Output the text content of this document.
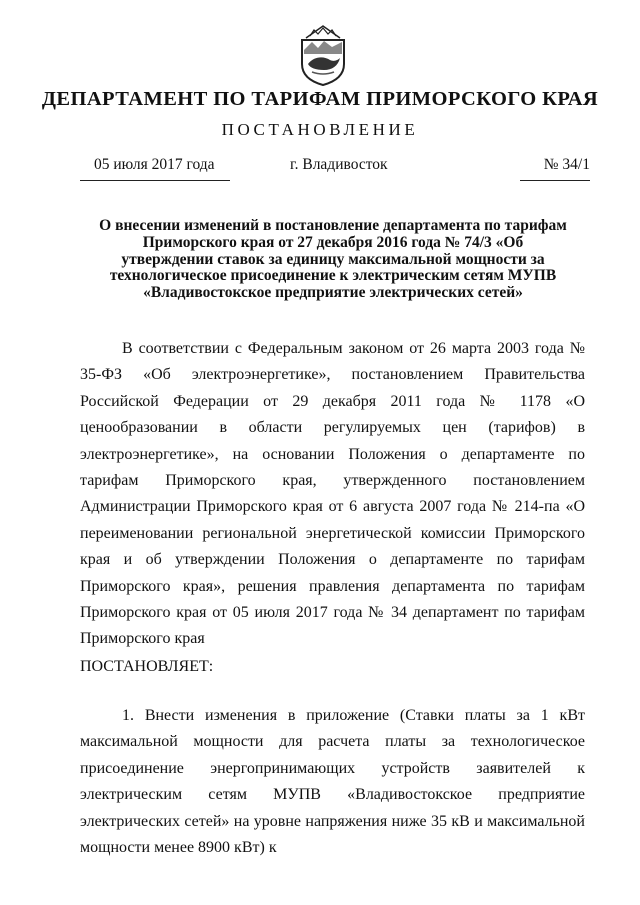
ДЕПАРТАМЕНТ ПО ТАРИФАМ ПРИМОРСКОГО КРАЯ
ПОСТАНОВЛЕНИЕ
05 июля 2017 года	г. Владивосток	№ 34/1
О внесении изменений в постановление департамента по тарифам Приморского края от 27 декабря 2016 года № 74/3 «Об утверждении ставок за единицу максимальной мощности за технологическое присоединение к электрическим сетям МУПВ «Владивостокское предприятие электрических сетей»
В соответствии с Федеральным законом от 26 марта 2003 года № 35-ФЗ «Об электроэнергетике», постановлением Правительства Российской Федерации от 29 декабря 2011 года № 1178 «О ценообразовании в области регулируемых цен (тарифов) в электроэнергетике», на основании Положения о департаменте по тарифам Приморского края, утвержденного постановлением Администрации Приморского края от 6 августа 2007 года № 214-па «О переименовании региональной энергетической комиссии Приморского края и об утверждении Положения о департаменте по тарифам Приморского края», решения правления департамента по тарифам Приморского края от 05 июля 2017 года № 34 департамент по тарифам Приморского края
ПОСТАНОВЛЯЕТ:
1. Внести изменения в приложение (Ставки платы за 1 кВт максимальной мощности для расчета платы за технологическое присоединение энергопринимающих устройств заявителей к электрическим сетям МУПВ «Владивостокское предприятие электрических сетей» на уровне напряжения ниже 35 кВ и максимальной мощности менее 8900 кВт) к
